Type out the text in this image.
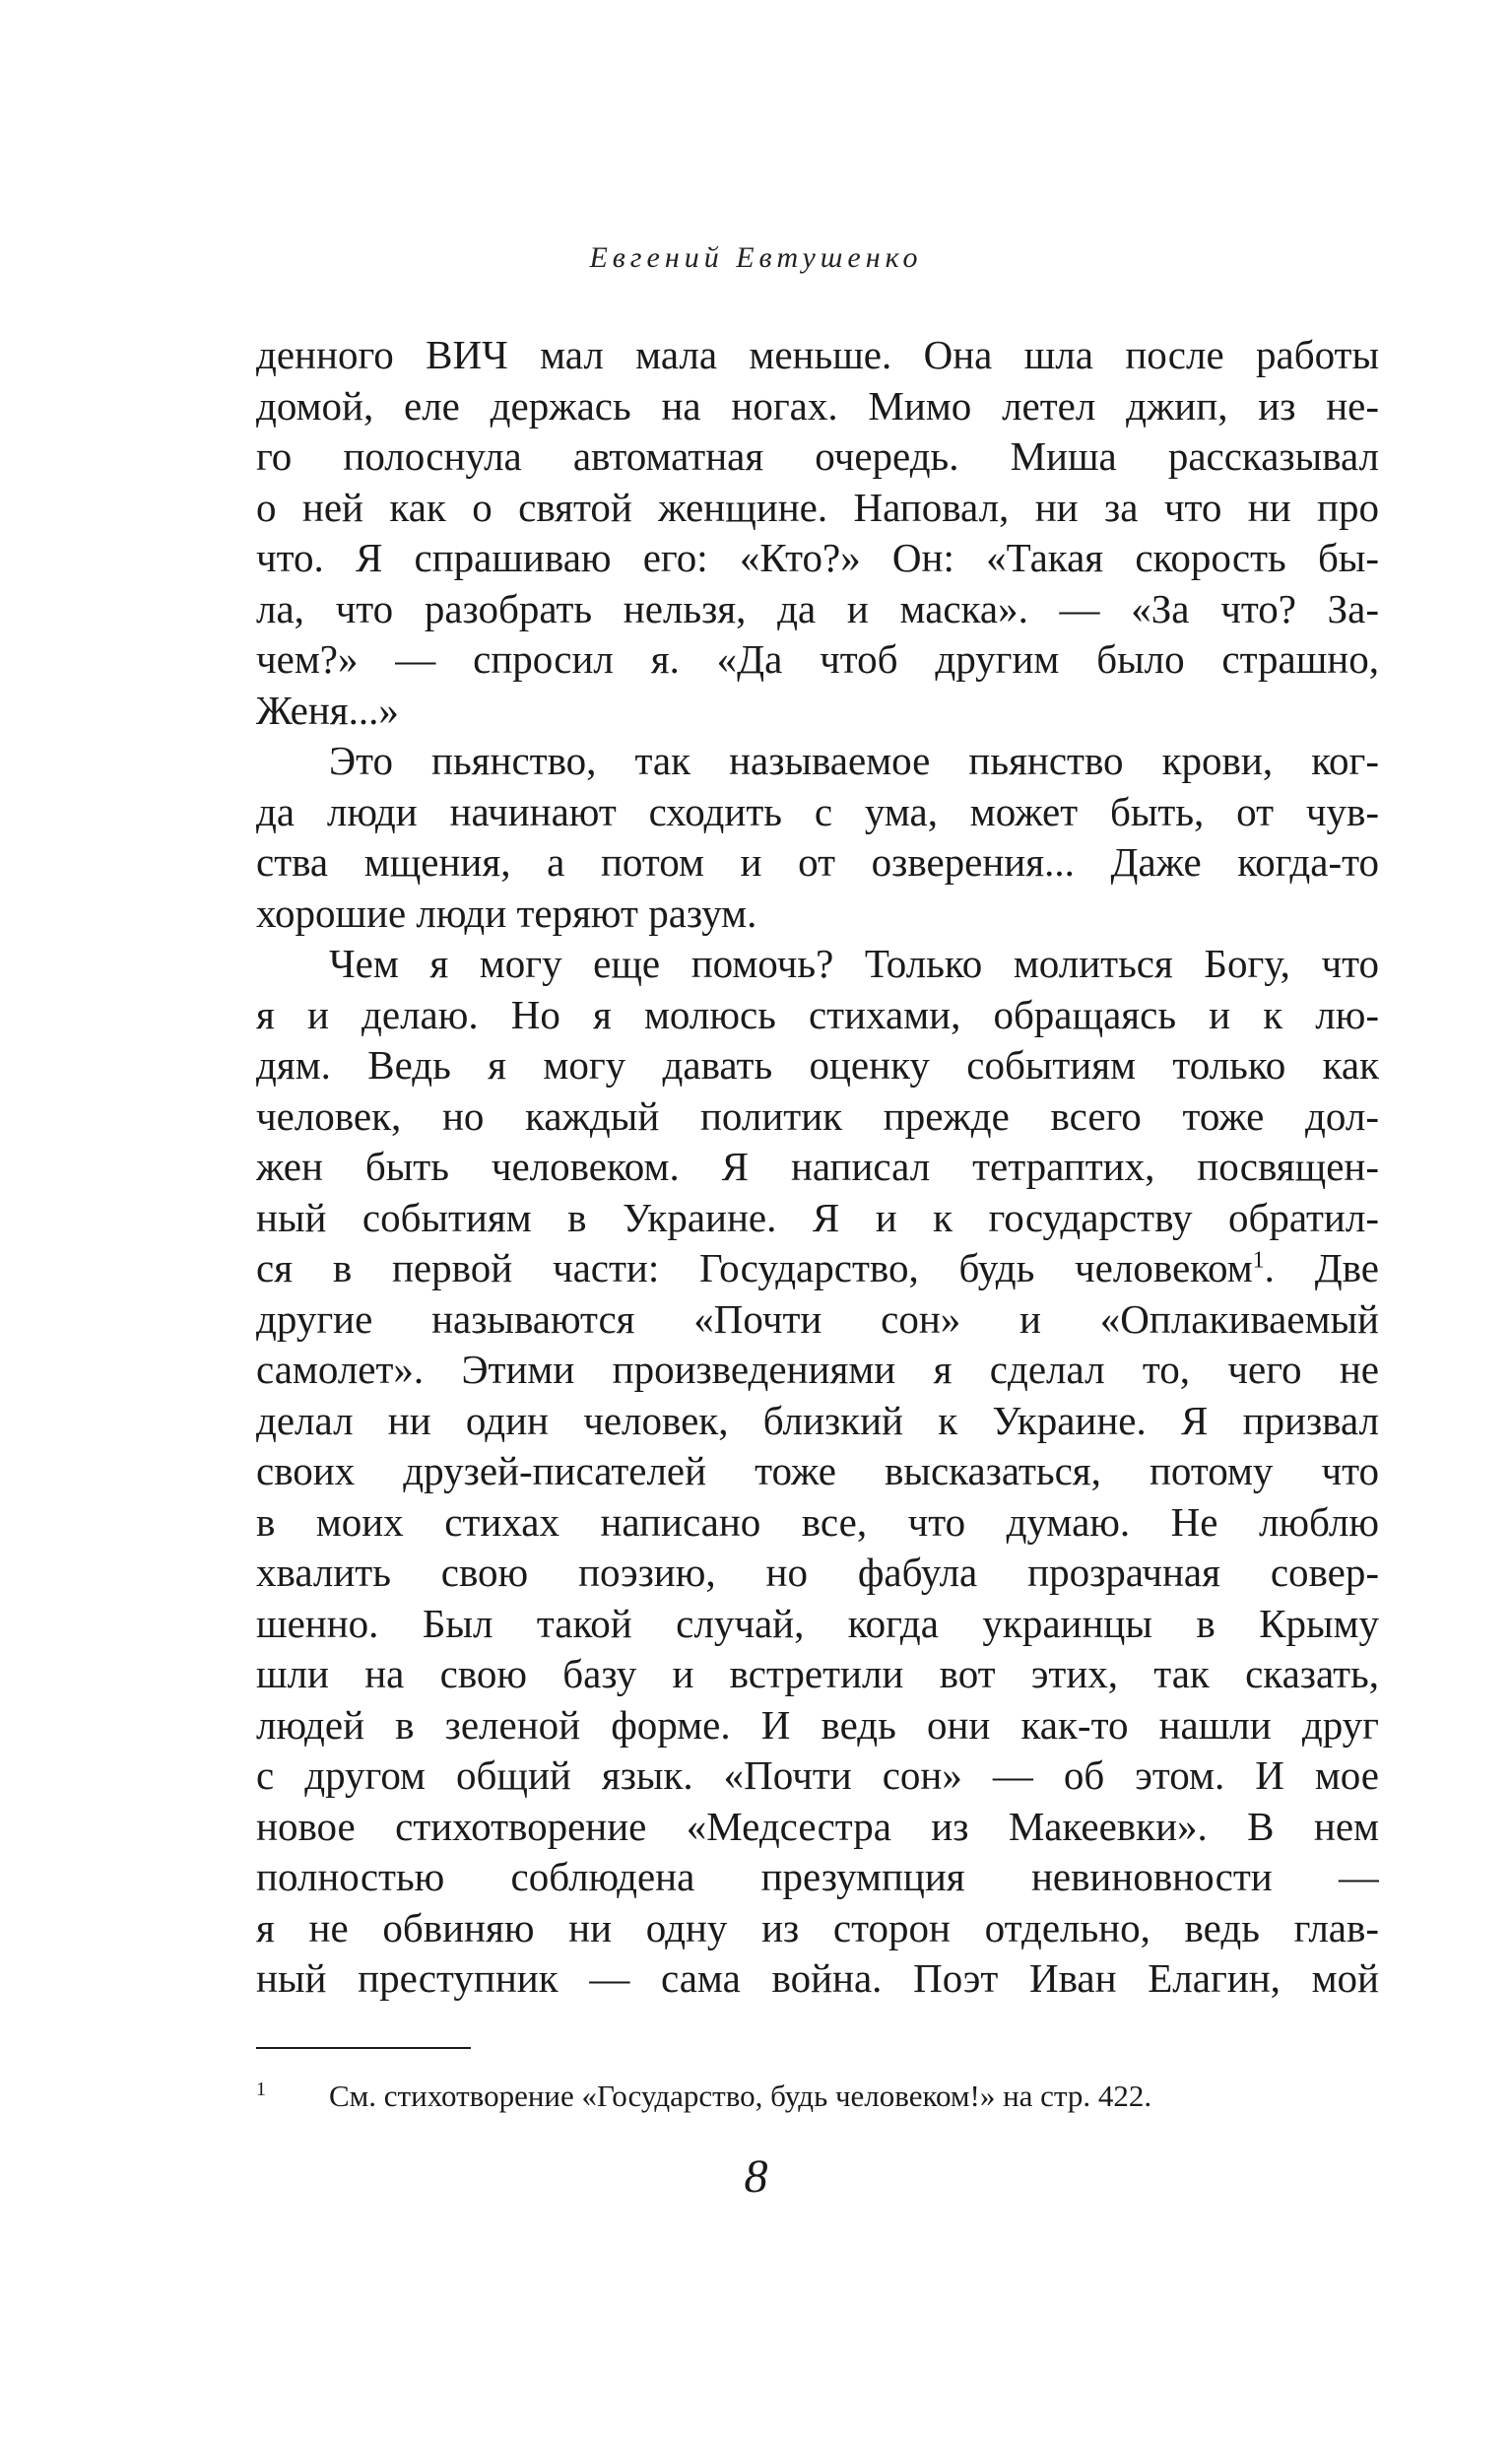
Евгений Евтушенко
денного ВИЧ мал мала меньше. Она шла после работы
домой, еле держась на ногах. Мимо летел джип, из не-
го полоснула автоматная очередь. Миша рассказывал
о ней как о святой женщине. Наповал, ни за что ни про
что. Я спрашиваю его: «Кто?» Он: «Такая скорость бы-
ла, что разобрать нельзя, да и маска». — «За что? За-
чем?» — спросил я. «Да чтоб другим было страшно,
Женя...»
Это пьянство, так называемое пьянство крови, ког-
да люди начинают сходить с ума, может быть, от чув-
ства мщения, а потом и от озверения... Даже когда-то
хорошие люди теряют разум.
Чем я могу еще помочь? Только молиться Богу, что
я и делаю. Но я молюсь стихами, обращаясь и к лю-
дям. Ведь я могу давать оценку событиям только как
человек, но каждый политик прежде всего тоже дол-
жен быть человеком. Я написал тетраптих, посвящен-
ный событиям в Украине. Я и к государству обратил-
ся в первой части: Государство, будь человеком$^1$. Две
другие называются «Почти сон» и «Оплакиваемый
самолет». Этими произведениями я сделал то, чего не
делал ни один человек, близкий к Украине. Я призвал
своих друзей-писателей тоже высказаться, потому что
в моих стихах написано все, что думаю. Не люблю
хвалить свою поэзию, но фабула прозрачная совер-
шенно. Был такой случай, когда украинцы в Крыму
шли на свою базу и встретили вот этих, так сказать,
людей в зеленой форме. И ведь они как-то нашли друг
с другом общий язык. «Почти сон» — об этом. И мое
новое стихотворение «Медсестра из Макеевки». В нем
полностью соблюдена презумпция невиновности —
я не обвиняю ни одну из сторон отдельно, ведь глав-
ный преступник — сама война. Поэт Иван Елагин, мой
1 См. стихотворение «Государство, будь человеком!» на стр. 422.
8
